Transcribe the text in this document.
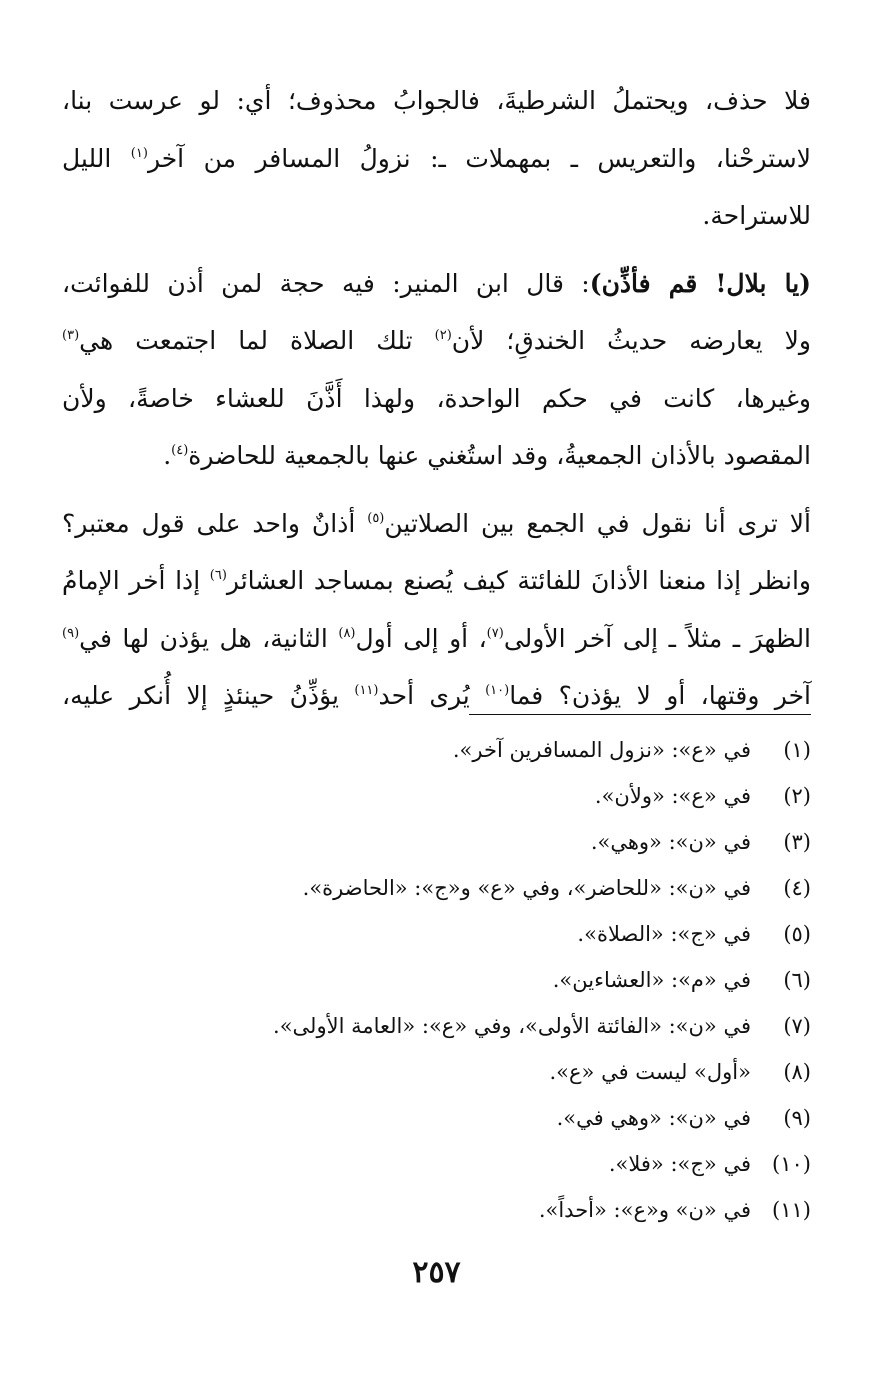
فلا حذف، ويحتملُ الشرطيةَ، فالجوابُ محذوف؛ أي: لو عرست بنا،
لاسترحْنا، والتعريس ـ بمهملات ـ: نزولُ المسافر من آخر$^{(١)}$ الليل
للاستراحة.

(يا بلال! قم فأذِّن): قال ابن المنير: فيه حجة لمن أذن للفوائت،
ولا يعارضه حديثُ الخندقِ؛ لأن$^{(٢)}$ تلك الصلاة لما اجتمعت هي$^{(٣)}$
وغيرها، كانت في حكم الواحدة، ولهذا أَذَّنَ للعشاء خاصةً، ولأن
المقصود بالأذان الجمعيةُ، وقد استُغني عنها بالجمعية للحاضرة$^{(٤)}$.

ألا ترى أنا نقول في الجمع بين الصلاتين$^{(٥)}$ أذانٌ واحد على قول معتبر؟
وانظر إذا منعنا الأذانَ للفائتة كيف يُصنع بمساجد العشائر$^{(٦)}$ إذا أخر الإمامُ
الظهرَ ـ مثلاً ـ إلى آخر الأولى$^{(٧)}$، أو إلى أول$^{(٨)}$ الثانية، هل يؤذن لها في$^{(٩)}$
آخر وقتها، أو لا يؤذن؟ فما$^{(١٠)}$ يُرى أحد$^{(١١)}$ يؤذِّنُ حينئذٍ إلا أُنكر عليه،

(١)في «ع»: «نزول المسافرين آخر».
(٢)في «ع»: «ولأن».
(٣)في «ن»: «وهي».
(٤)في «ن»: «للحاضر»، وفي «ع» و«ج»: «الحاضرة».
(٥)في «ج»: «الصلاة».
(٦)في «م»: «العشاءين».
(٧)في «ن»: «الفائتة الأولى»، وفي «ع»: «العامة الأولى».
(٨)«أول» ليست في «ع».
(٩)في «ن»: «وهي في».
(١٠)في «ج»: «فلا».
(١١)في «ن» و«ع»: «أحداً».
٢٥٧
